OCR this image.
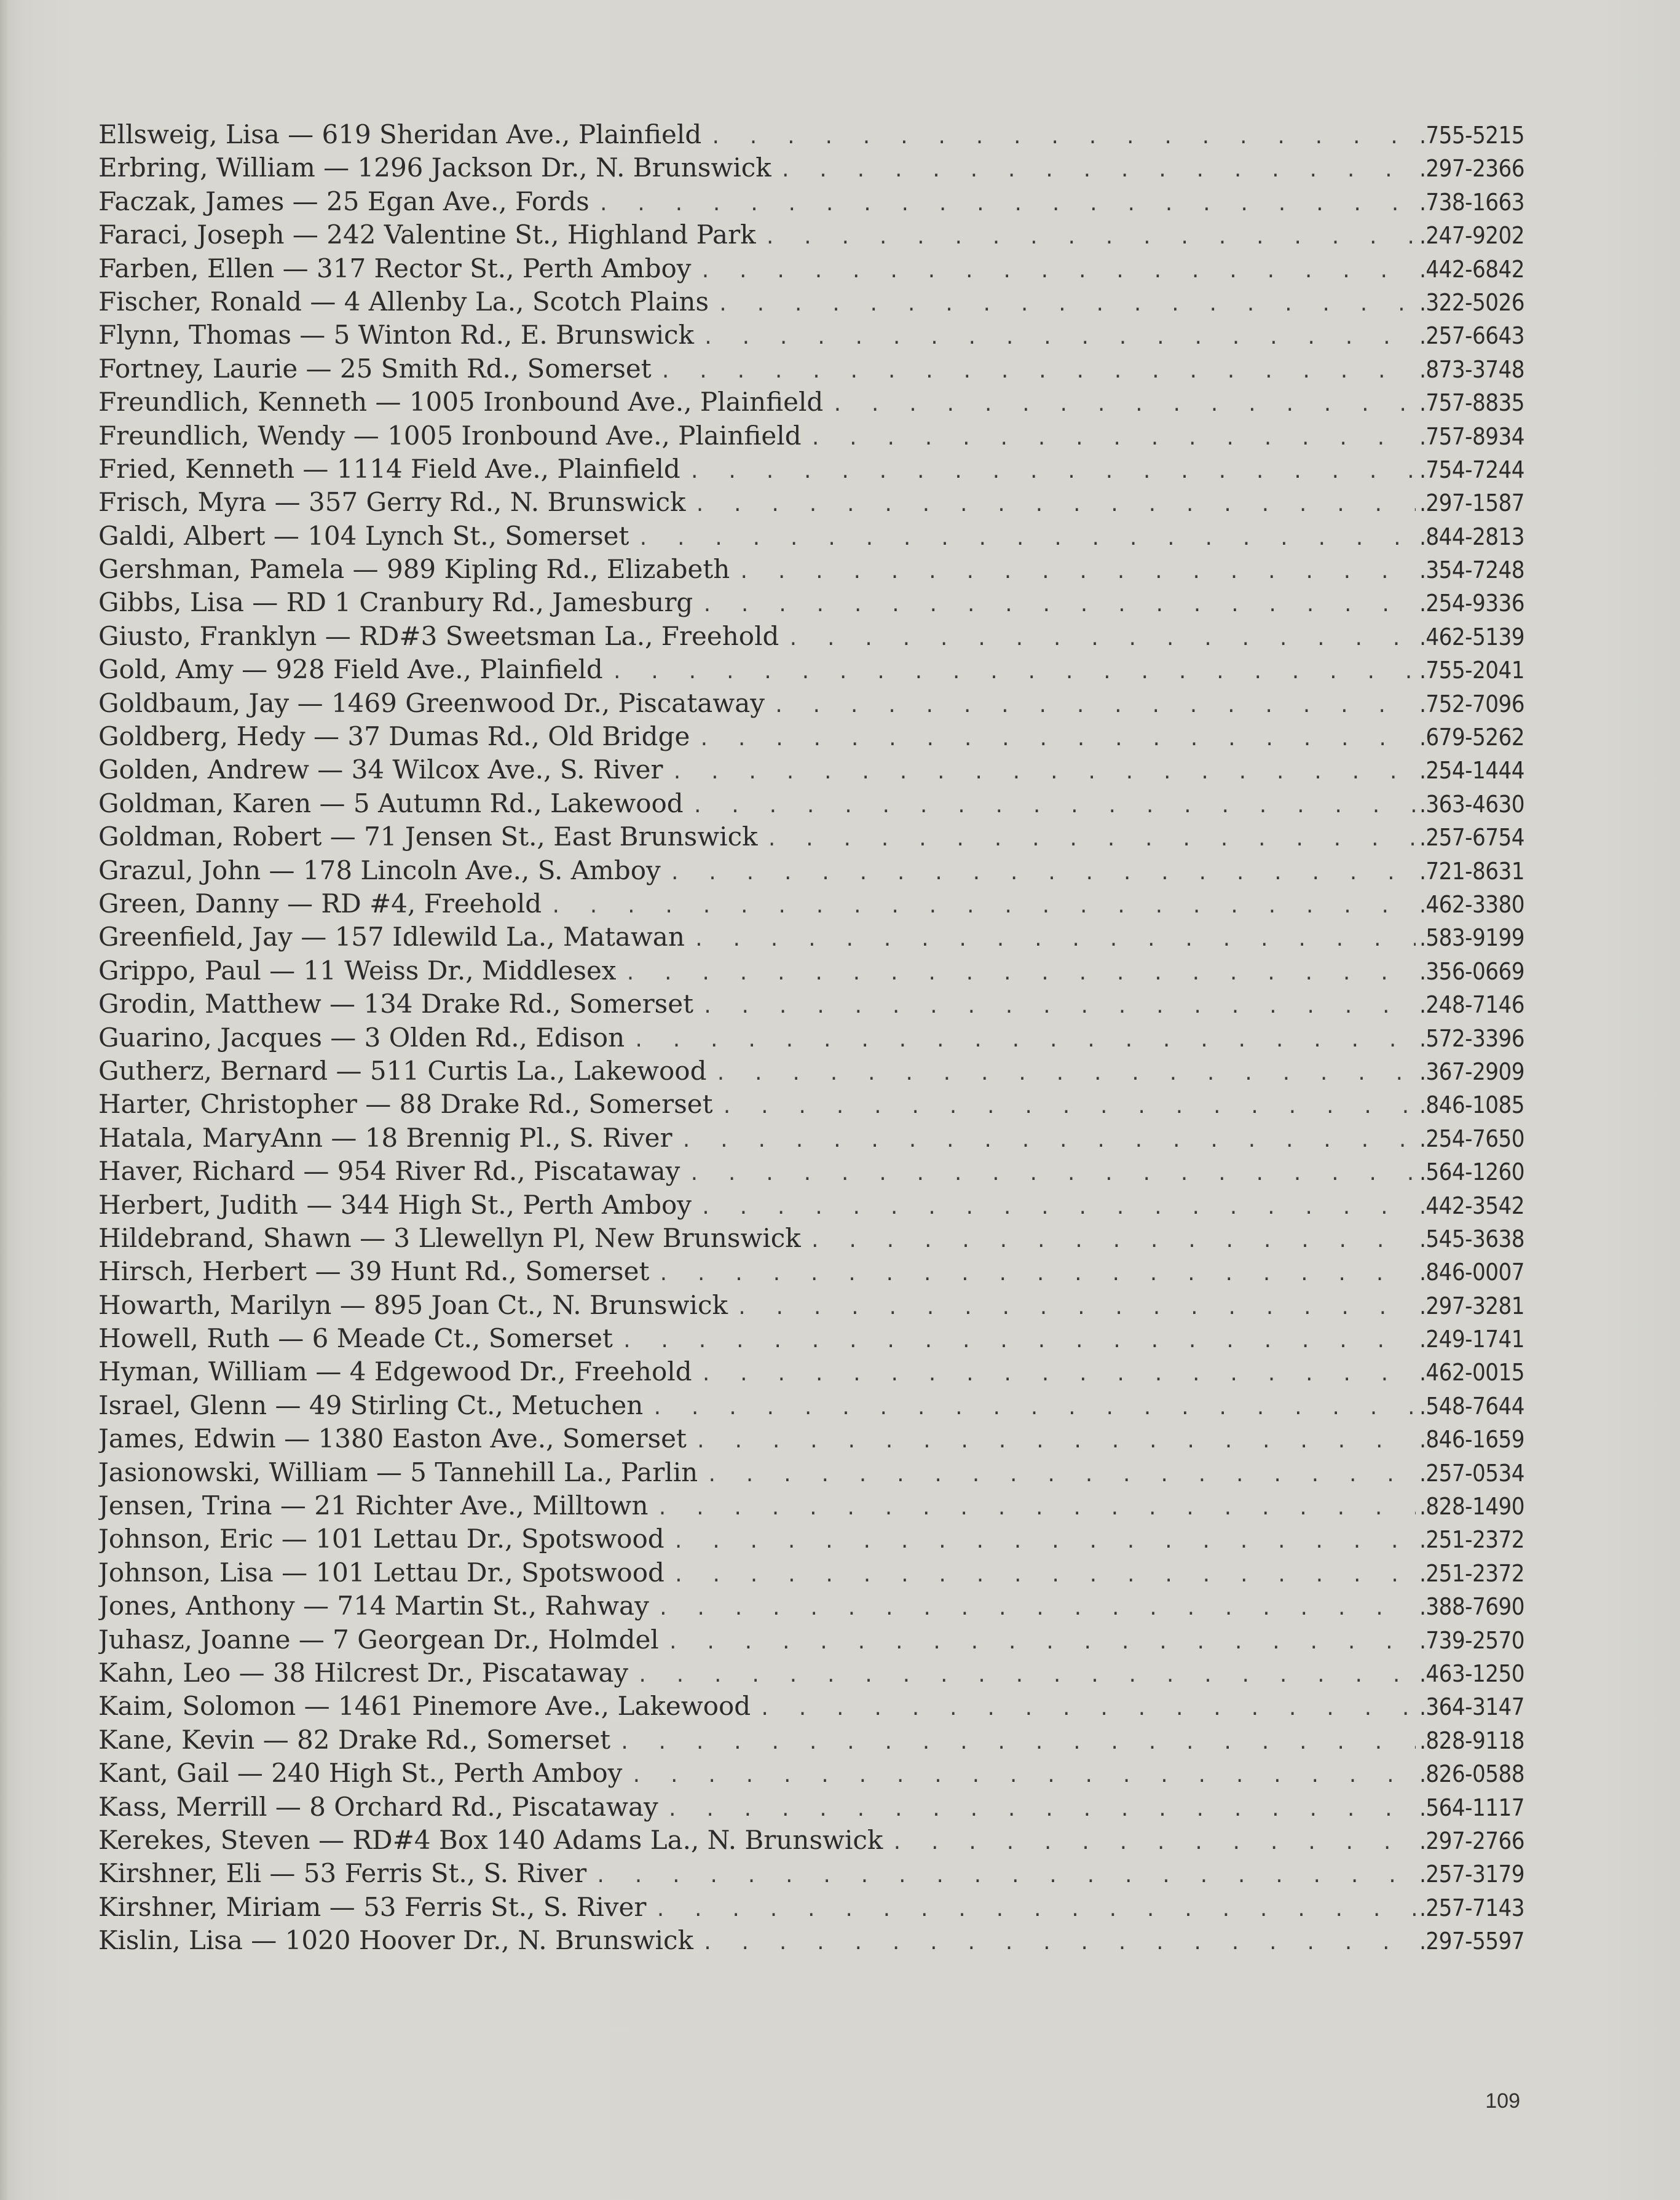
Ellsweig, Lisa — 619 Sheridan Ave., Plainfield . . .	.755-5215
Erbring, William — 1296 Jackson Dr., N. Brunswick . . .	.297-2366
Faczak, James — 25 Egan Ave., Fords . . .	.738-1663
Faraci, Joseph — 242 Valentine St., Highland Park . . .	.247-9202
Farben, Ellen — 317 Rector St., Perth Amboy . . .	.442-6842
Fischer, Ronald — 4 Allenby La., Scotch Plains . . .	.322-5026
Flynn, Thomas — 5 Winton Rd., E. Brunswick . . .	.257-6643
Fortney, Laurie — 25 Smith Rd., Somerset . . .	.873-3748
Freundlich, Kenneth — 1005 Ironbound Ave., Plainfield . . .	.757-8835
Freundlich, Wendy — 1005 Ironbound Ave., Plainfield . . .	.757-8934
Fried, Kenneth — 1114 Field Ave., Plainfield . . .	.754-7244
Frisch, Myra — 357 Gerry Rd., N. Brunswick . . .	.297-1587
Galdi, Albert — 104 Lynch St., Somerset . . .	.844-2813
Gershman, Pamela — 989 Kipling Rd., Elizabeth . . .	.354-7248
Gibbs, Lisa — RD 1 Cranbury Rd., Jamesburg . . .	.254-9336
Giusto, Franklyn — RD#3 Sweetsman La., Freehold . . .	.462-5139
Gold, Amy — 928 Field Ave., Plainfield . . .	.755-2041
Goldbaum, Jay — 1469 Greenwood Dr., Piscataway . . .	.752-7096
Goldberg, Hedy — 37 Dumas Rd., Old Bridge . . .	.679-5262
Golden, Andrew — 34 Wilcox Ave., S. River . . .	.254-1444
Goldman, Karen — 5 Autumn Rd., Lakewood . . .	.363-4630
Goldman, Robert — 71 Jensen St., East Brunswick . . .	.257-6754
Grazul, John — 178 Lincoln Ave., S. Amboy . . .	.721-8631
Green, Danny — RD #4, Freehold . . .	.462-3380
Greenfield, Jay — 157 Idlewild La., Matawan . . .	.583-9199
Grippo, Paul — 11 Weiss Dr., Middlesex . . .	.356-0669
Grodin, Matthew — 134 Drake Rd., Somerset . . .	.248-7146
Guarino, Jacques — 3 Olden Rd., Edison . . .	.572-3396
Gutherz, Bernard — 511 Curtis La., Lakewood . . .	.367-2909
Harter, Christopher — 88 Drake Rd., Somerset . . .	.846-1085
Hatala, MaryAnn — 18 Brennig Pl., S. River . . .	.254-7650
Haver, Richard — 954 River Rd., Piscataway . . .	.564-1260
Herbert, Judith — 344 High St., Perth Amboy . . .	.442-3542
Hildebrand, Shawn — 3 Llewellyn Pl, New Brunswick . . .	.545-3638
Hirsch, Herbert — 39 Hunt Rd., Somerset . . .	.846-0007
Howarth, Marilyn — 895 Joan Ct., N. Brunswick . . .	.297-3281
Howell, Ruth — 6 Meade Ct., Somerset . . .	.249-1741
Hyman, William — 4 Edgewood Dr., Freehold . . .	.462-0015
Israel, Glenn — 49 Stirling Ct., Metuchen . . .	.548-7644
James, Edwin — 1380 Easton Ave., Somerset . . .	.846-1659
Jasionowski, William — 5 Tannehill La., Parlin . . .	.257-0534
Jensen, Trina — 21 Richter Ave., Milltown . . .	.828-1490
Johnson, Eric — 101 Lettau Dr., Spotswood . . .	.251-2372
Johnson, Lisa — 101 Lettau Dr., Spotswood . . .	.251-2372
Jones, Anthony — 714 Martin St., Rahway . . .	.388-7690
Juhasz, Joanne — 7 Georgean Dr., Holmdel . . .	.739-2570
Kahn, Leo — 38 Hilcrest Dr., Piscataway . . .	.463-1250
Kaim, Solomon — 1461 Pinemore Ave., Lakewood . . .	.364-3147
Kane, Kevin — 82 Drake Rd., Somerset . . .	.828-9118
Kant, Gail — 240 High St., Perth Amboy . . .	.826-0588
Kass, Merrill — 8 Orchard Rd., Piscataway . . .	.564-1117
Kerekes, Steven — RD#4 Box 140 Adams La., N. Brunswick . . .	.297-2766
Kirshner, Eli — 53 Ferris St., S. River . . .	.257-3179
Kirshner, Miriam — 53 Ferris St., S. River . . .	.257-7143
Kislin, Lisa — 1020 Hoover Dr., N. Brunswick . . .	.297-5597
109
